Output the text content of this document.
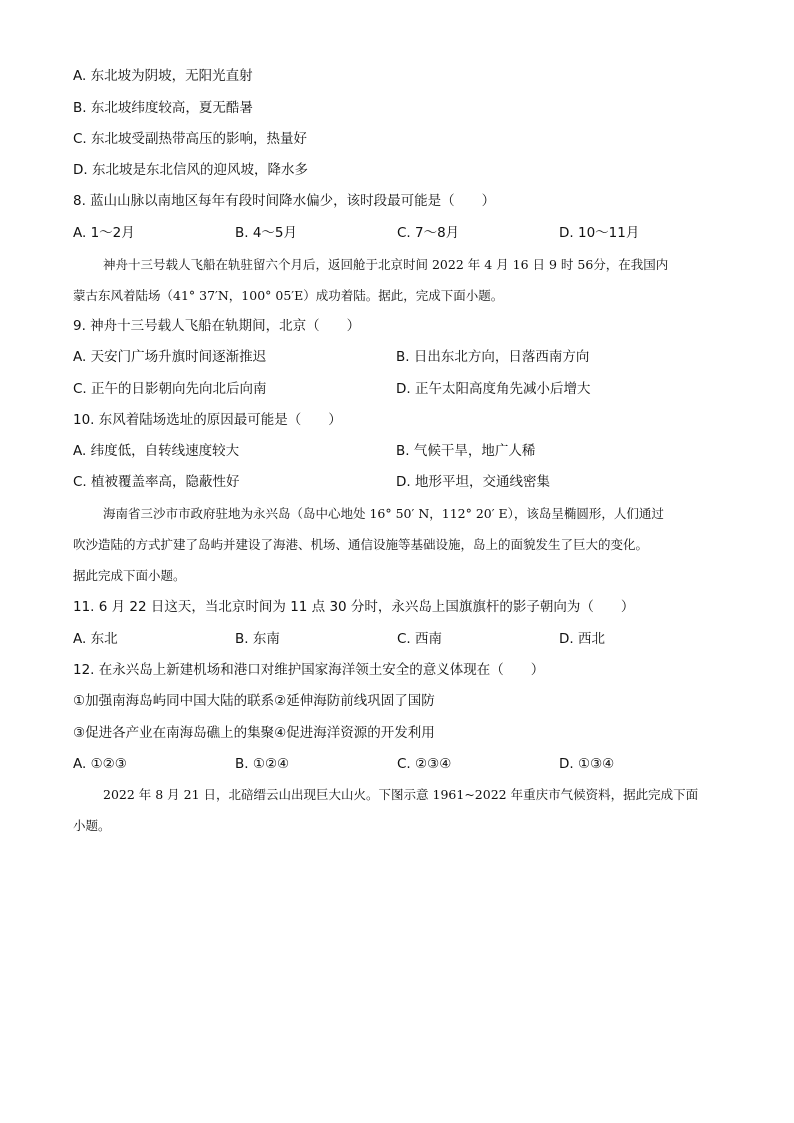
A. 东北坡为阴坡，无阳光直射
B. 东北坡纬度较高，夏无酷暑
C. 东北坡受副热带高压的影响，热量好
D. 东北坡是东北信风的迎风坡，降水多
8. 蓝山山脉以南地区每年有段时间降水偏少，该时段最可能是（　　）
A. 1～2月	B. 4～5月	C. 7～8月	D. 10～11月
神舟十三号载人飞船在轨驻留六个月后，返回舱于北京时间 2022 年 4 月 16 日 9 时 56分，在我国内
蒙古东风着陆场（41° 37′N，100° 05′E）成功着陆。据此，完成下面小题。
9. 神舟十三号载人飞船在轨期间，北京（　　）
A. 天安门广场升旗时间逐渐推迟	B. 日出东北方向，日落西南方向
C. 正午的日影朝向先向北后向南	D. 正午太阳高度角先减小后增大
10. 东风着陆场选址的原因最可能是（　　）
A. 纬度低，自转线速度较大	B. 气候干旱，地广人稀
C. 植被覆盖率高，隐蔽性好	D. 地形平坦，交通线密集
海南省三沙市市政府驻地为永兴岛（岛中心地处 16° 50′ N，112° 20′ E），该岛呈椭圆形，人们通过
吹沙造陆的方式扩建了岛屿并建设了海港、机场、通信设施等基础设施，岛上的面貌发生了巨大的变化。
据此完成下面小题。
11. 6 月 22 日这天，当北京时间为 11 点 30 分时，永兴岛上国旗旗杆的影子朝向为（　　）
A. 东北	B. 东南	C. 西南	D. 西北
12. 在永兴岛上新建机场和港口对维护国家海洋领土安全的意义体现在（　　）
①加强南海岛屿同中国大陆的联系②延伸海防前线巩固了国防
③促进各产业在南海岛礁上的集聚④促进海洋资源的开发利用
A. ①②③	B. ①②④	C. ②③④	D. ①③④
2022 年 8 月 21 日，北碚缙云山出现巨大山火。下图示意 1961~2022 年重庆市气候资料，据此完成下面
小题。
